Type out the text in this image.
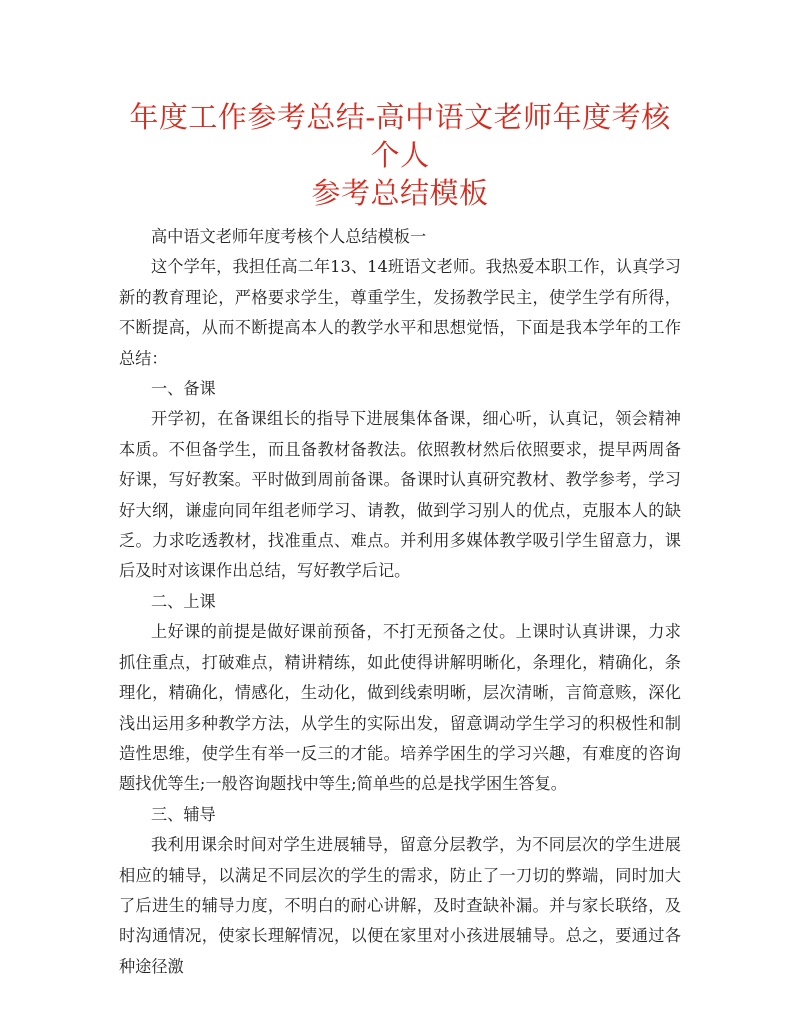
年度工作参考总结-高中语文老师年度考核个人
参考总结模板

高中语文老师年度考核个人总结模板一

这个学年，我担任高二年13、14班语文老师。我热爱本职工作，认真学习新的教育理论，严格要求学生，尊重学生，发扬教学民主，使学生学有所得，不断提高，从而不断提高本人的教学水平和思想觉悟，下面是我本学年的工作总结：

一、备课

开学初，在备课组长的指导下进展集体备课，细心听，认真记，领会精神本质。不但备学生，而且备教材备教法。依照教材然后依照要求，提早两周备好课，写好教案。平时做到周前备课。备课时认真研究教材、教学参考，学习好大纲，谦虚向同年组老师学习、请教，做到学习别人的优点，克服本人的缺乏。力求吃透教材，找准重点、难点。并利用多媒体教学吸引学生留意力，课后及时对该课作出总结，写好教学后记。

二、上课

上好课的前提是做好课前预备，不打无预备之仗。上课时认真讲课，力求抓住重点，打破难点，精讲精练，如此使得讲解明晰化，条理化，精确化，条理化，精确化，情感化，生动化，做到线索明晰，层次清晰，言简意赅，深化浅出运用多种教学方法，从学生的实际出发，留意调动学生学习的积极性和制造性思维，使学生有举一反三的才能。培养学困生的学习兴趣，有难度的咨询题找优等生;一般咨询题找中等生;简单些的总是找学困生答复。

三、辅导

我利用课余时间对学生进展辅导，留意分层教学，为不同层次的学生进展相应的辅导，以满足不同层次的学生的需求，防止了一刀切的弊端，同时加大了后进生的辅导力度，不明白的耐心讲解，及时查缺补漏。并与家长联络，及时沟通情况，使家长理解情况，以便在家里对小孩进展辅导。总之，要通过各种途径激
